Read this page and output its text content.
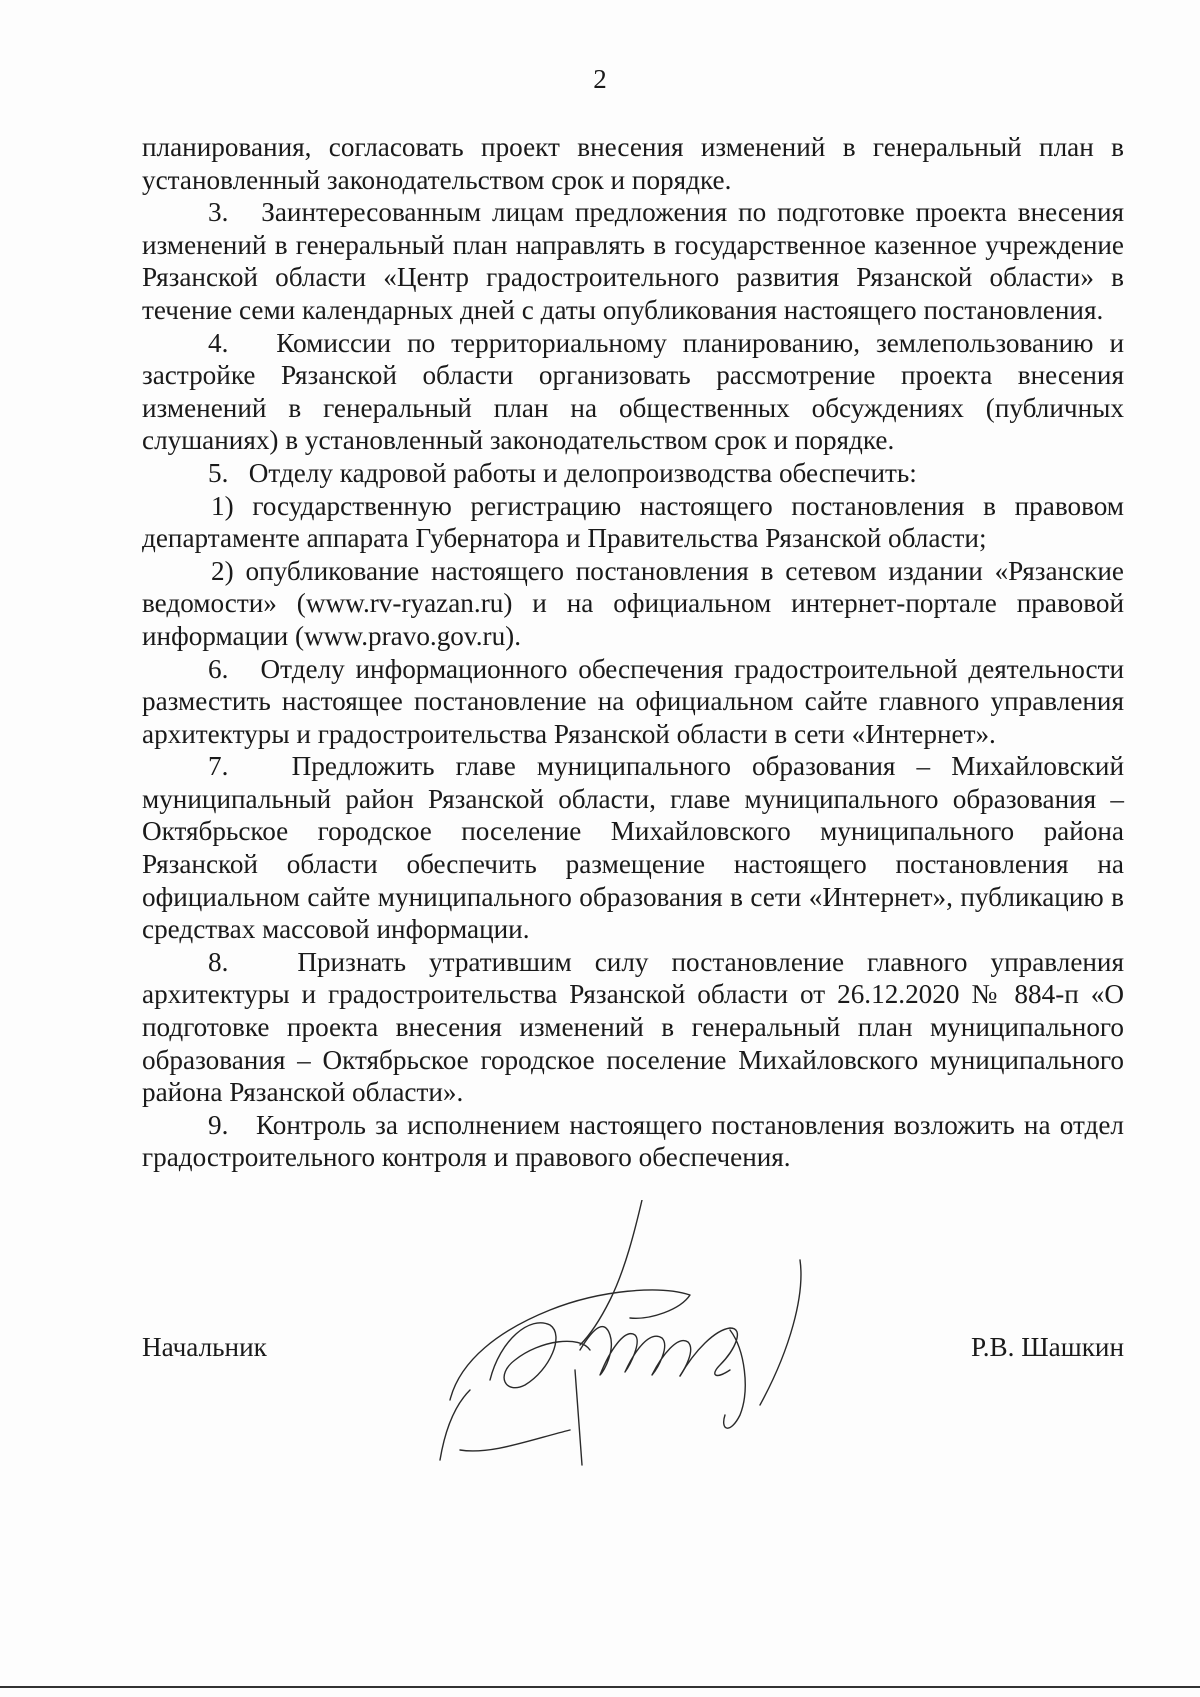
2

планирования, согласовать проект внесения изменений в генеральный план в установленный законодательством срок и порядке.

3.   Заинтересованным лицам предложения по подготовке проекта внесения изменений в генеральный план направлять в государственное казенное учреждение Рязанской области «Центр градостроительного развития Рязанской области» в течение семи календарных дней с даты опубликования настоящего постановления.

4.   Комиссии по территориальному планированию, землепользованию и застройке Рязанской области организовать рассмотрение проекта внесения изменений в генеральный план на общественных обсуждениях (публичных слушаниях) в установленный законодательством срок и порядке.

5.   Отделу кадровой работы и делопроизводства обеспечить:

1) государственную регистрацию настоящего постановления в правовом департаменте аппарата Губернатора и Правительства Рязанской области;

2) опубликование настоящего постановления в сетевом издании «Рязанские ведомости» (www.rv-ryazan.ru) и на официальном интернет-портале правовой информации (www.pravo.gov.ru).

6.   Отделу информационного обеспечения градостроительной деятельности разместить настоящее постановление на официальном сайте главного управления архитектуры и градостроительства Рязанской области в сети «Интернет».

7.   Предложить главе муниципального образования – Михайловский муниципальный район Рязанской области, главе муниципального образования – Октябрьское городское поселение Михайловского муниципального района Рязанской области обеспечить размещение настоящего постановления на официальном сайте муниципального образования в сети «Интернет», публикацию в средствах массовой информации.

8.   Признать утратившим силу постановление главного управления архитектуры и градостроительства Рязанской области от 26.12.2020 № 884-п «О подготовке проекта внесения изменений в генеральный план муниципального образования – Октябрьское городское поселение Михайловского муниципального района Рязанской области».

9.   Контроль за исполнением настоящего постановления возложить на отдел градостроительного контроля и правового обеспечения.

Начальник	Р.В. Шашкин
